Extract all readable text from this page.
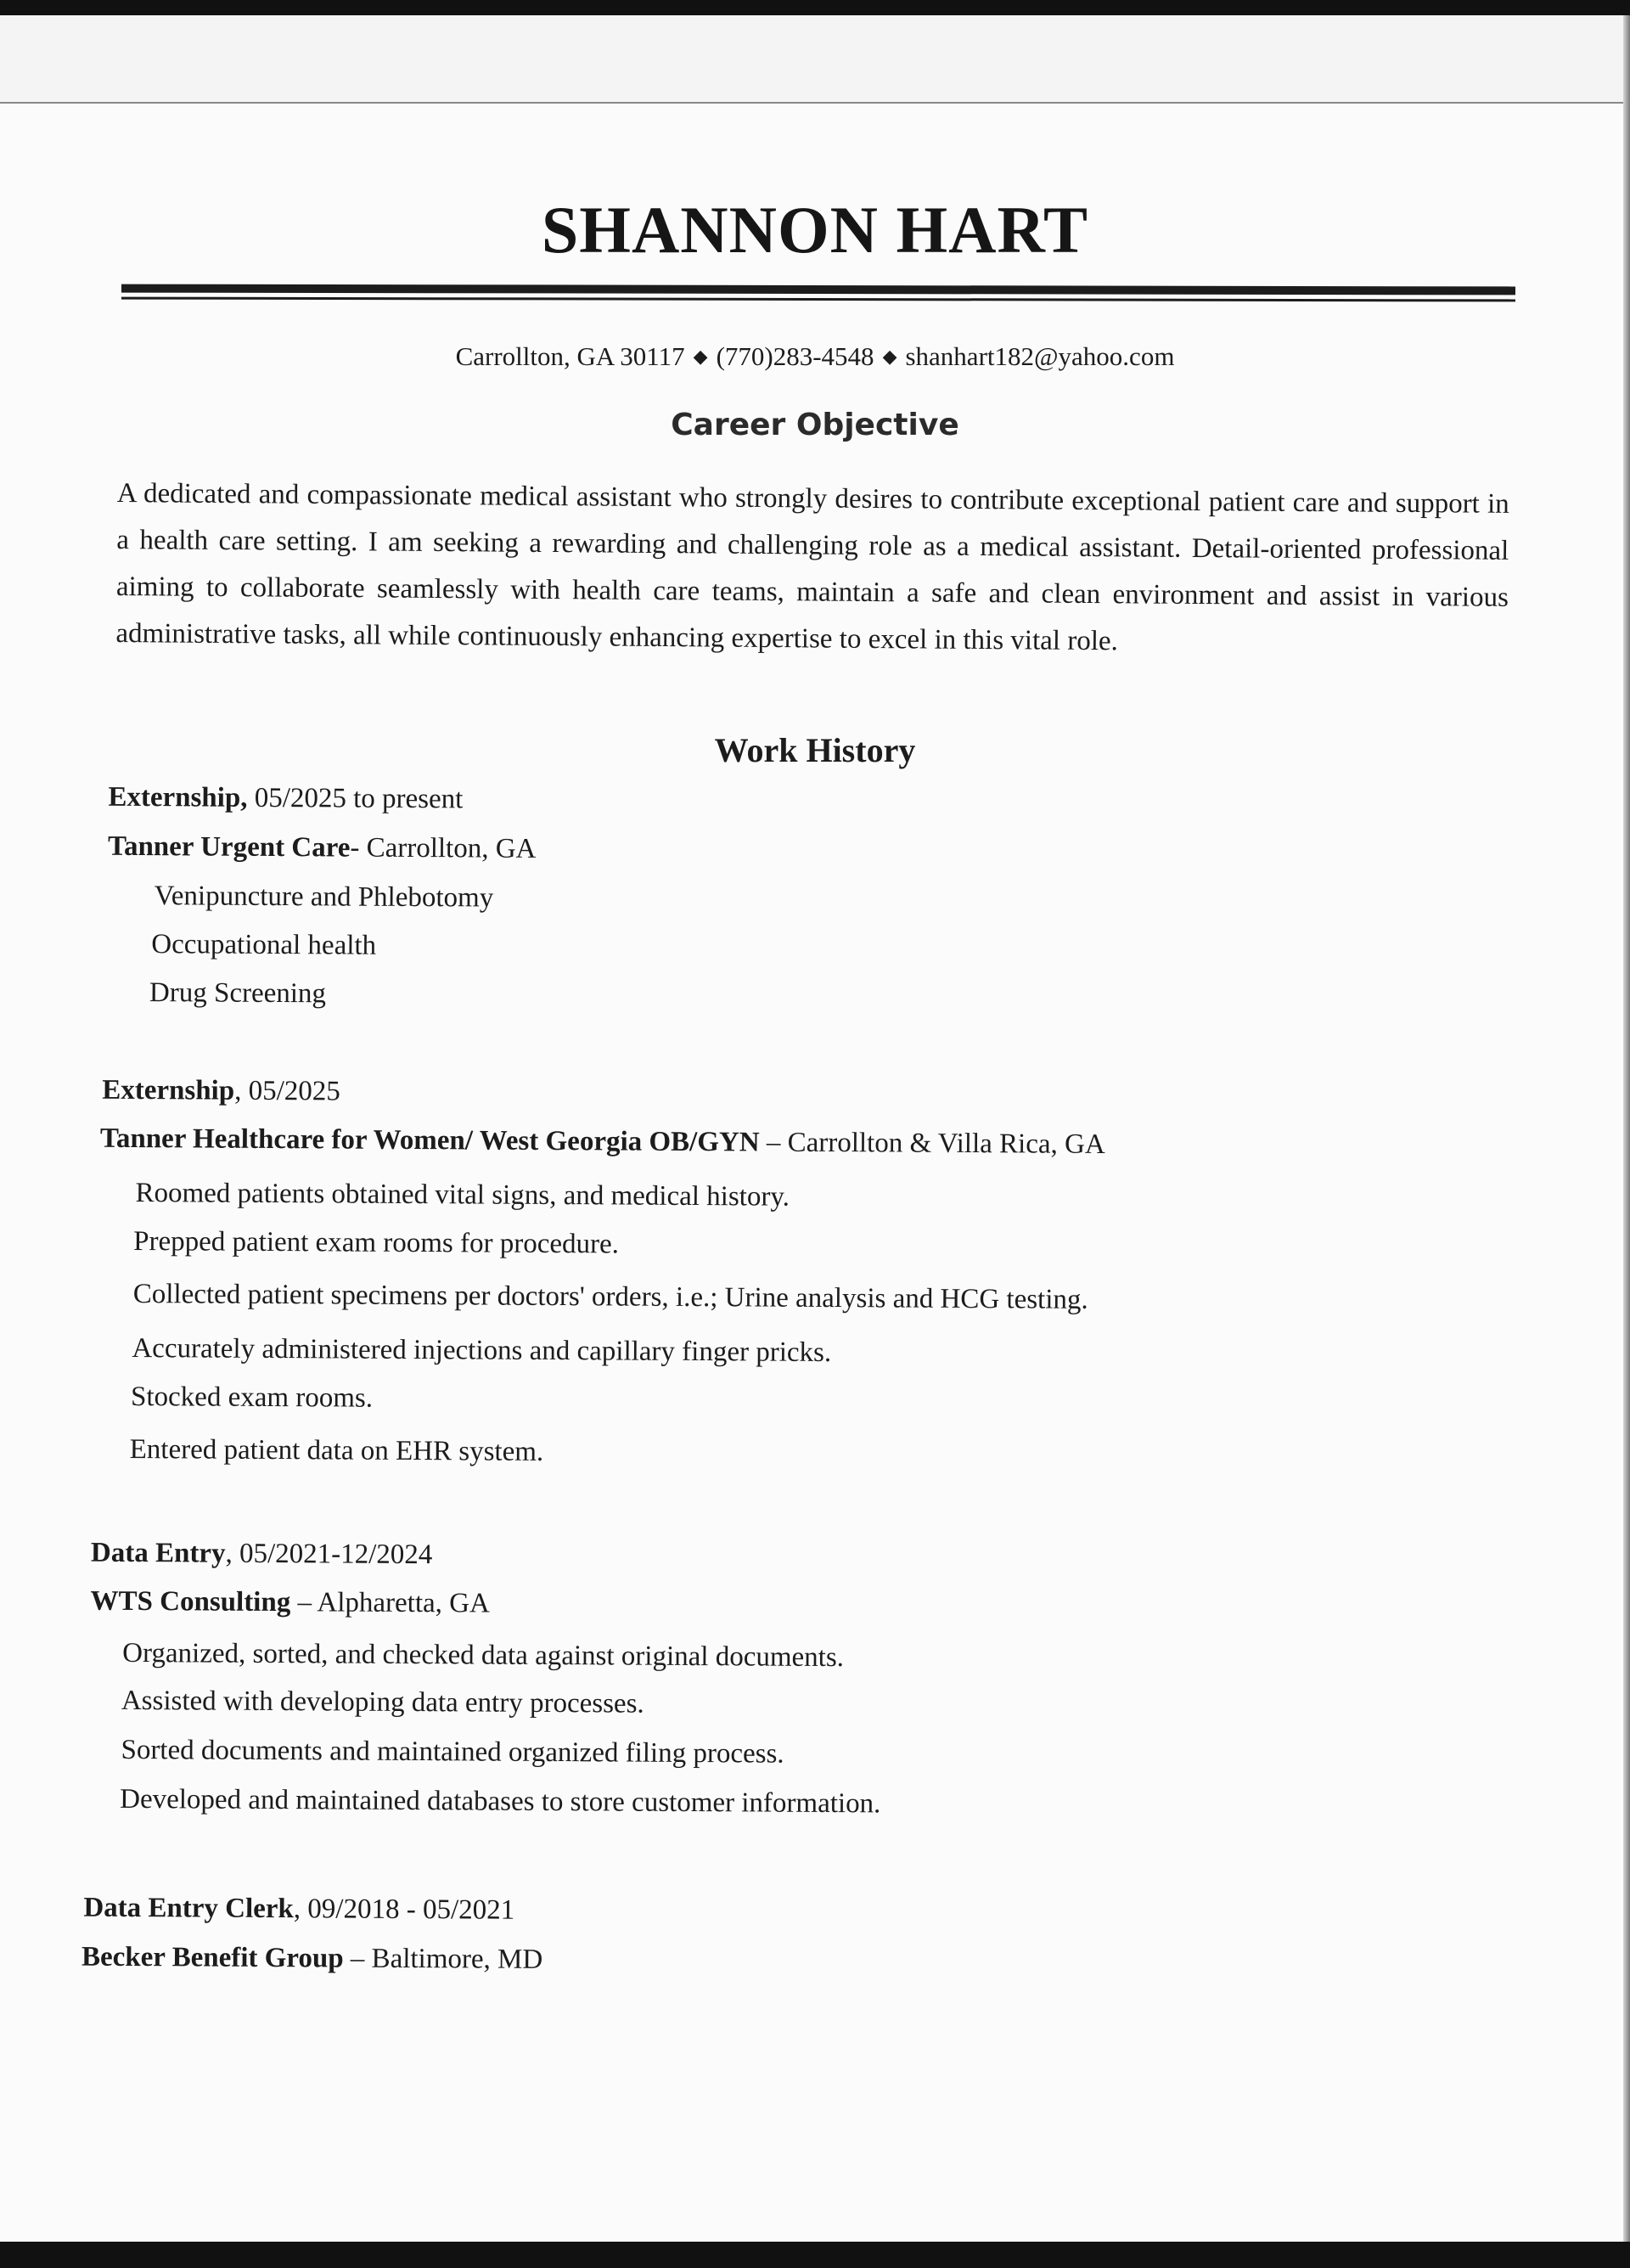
SHANNON HART
Carrollton, GA 30117 ◆ (770)283-4548 ◆ shanhart182@yahoo.com
Career Objective
A dedicated and compassionate medical assistant who strongly desires to contribute exceptional patient care and support in a health care setting. I am seeking a rewarding and challenging role as a medical assistant. Detail-oriented professional aiming to collaborate seamlessly with health care teams, maintain a safe and clean environment and assist in various administrative tasks, all while continuously enhancing expertise to excel in this vital role.
Work History
Externship, 05/2025 to present
Tanner Urgent Care- Carrollton, GA
Venipuncture and Phlebotomy
Occupational health
Drug Screening
Externship, 05/2025
Tanner Healthcare for Women/ West Georgia OB/GYN – Carrollton & Villa Rica, GA
Roomed patients obtained vital signs, and medical history.
Prepped patient exam rooms for procedure.
Collected patient specimens per doctors' orders, i.e.; Urine analysis and HCG testing.
Accurately administered injections and capillary finger pricks.
Stocked exam rooms.
Entered patient data on EHR system.
Data Entry, 05/2021-12/2024
WTS Consulting – Alpharetta, GA
Organized, sorted, and checked data against original documents.
Assisted with developing data entry processes.
Sorted documents and maintained organized filing process.
Developed and maintained databases to store customer information.
Data Entry Clerk, 09/2018 - 05/2021
Becker Benefit Group – Baltimore, MD
